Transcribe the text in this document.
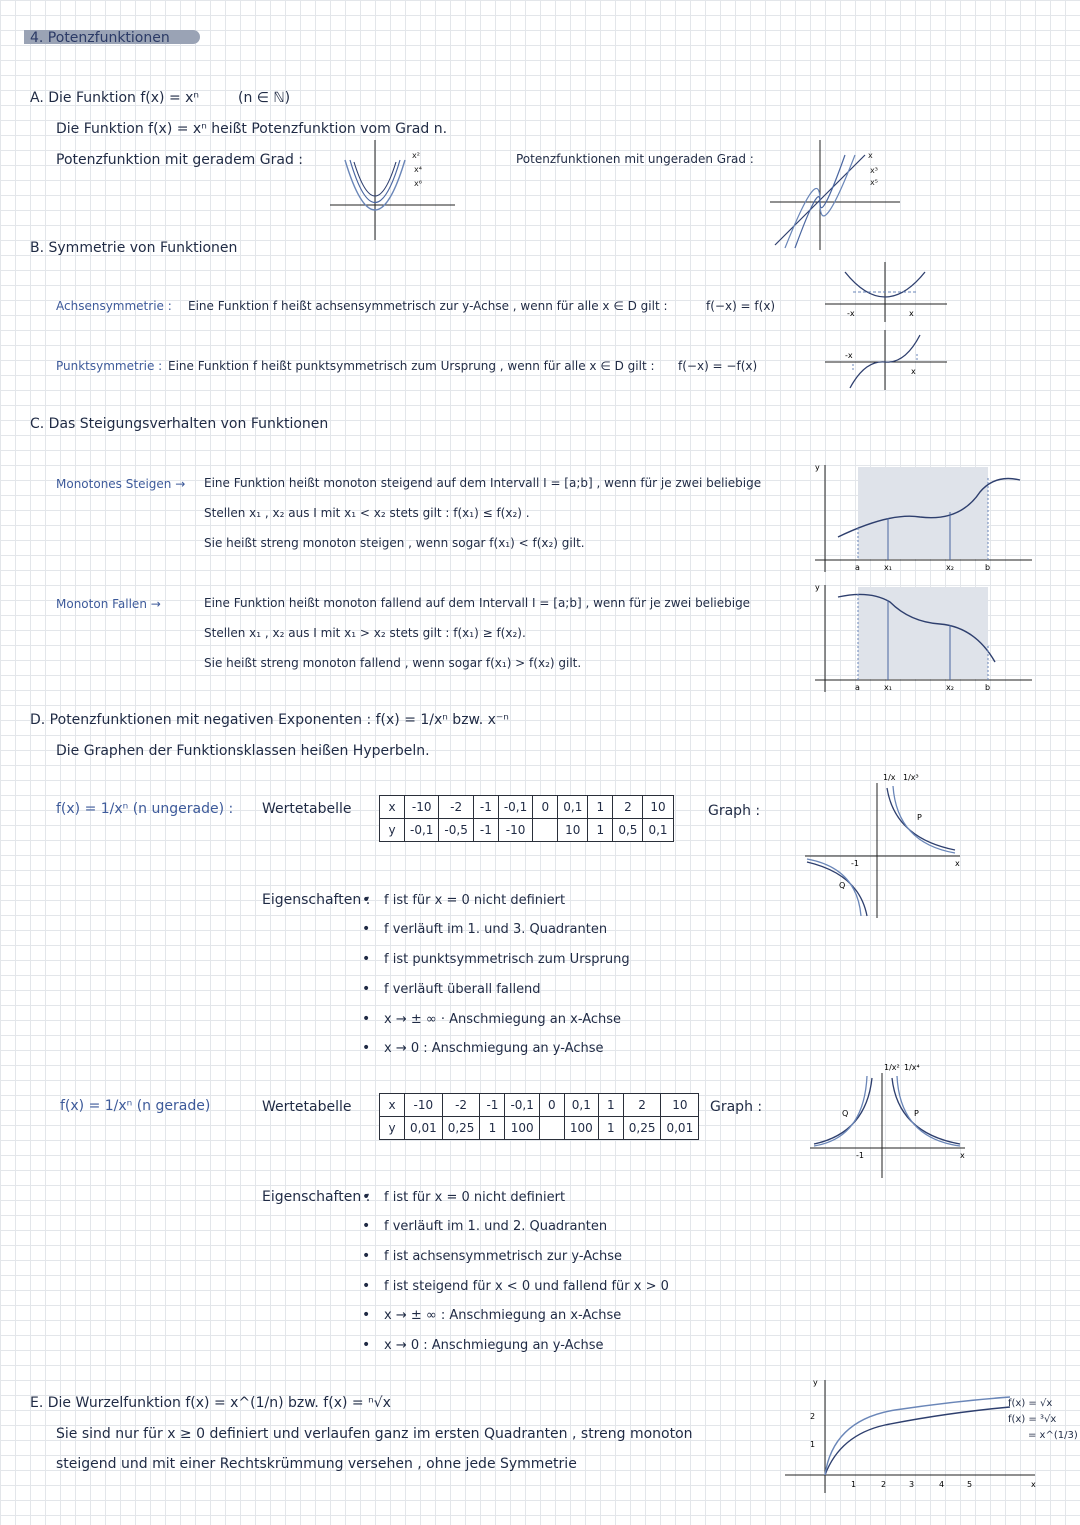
4. Potenzfunktionen
A. Die Funktion f(x) = xⁿ	(n ∈ ℕ)
Die Funktion f(x) = xⁿ heißt Potenzfunktion vom Grad n.
Potenzfunktion mit geradem Grad :	Potenzfunktionen mit ungeraden Grad :
x²
x⁴
x⁶
x
x³
x⁵
B. Symmetrie von Funktionen
Achsensymmetrie : Eine Funktion f heißt achsensymmetrisch zur y-Achse , wenn für alle x ∈ D gilt :	f(−x) = f(x)
Punktsymmetrie : Eine Funktion f heißt punktsymmetrisch zum Ursprung , wenn für alle x ∈ D gilt : f(−x) = −f(x)
-x	x
-x
x
C. Das Steigungsverhalten von Funktionen
Monotones Steigen → Eine Funktion heißt monoton steigend auf dem Intervall I = [a;b] , wenn für je zwei beliebige
Stellen x₁ , x₂ aus I mit x₁ < x₂ stets gilt : f(x₁) ≤ f(x₂) .
Sie heißt streng monoton steigen , wenn sogar f(x₁) < f(x₂) gilt.
Monoton Fallen →	Eine Funktion heißt monoton fallend auf dem Intervall I = [a;b] , wenn für je zwei beliebige
Stellen x₁ , x₂ aus I mit x₁ > x₂ stets gilt : f(x₁) ≥ f(x₂).
Sie heißt streng monoton fallend , wenn sogar f(x₁) > f(x₂) gilt.
y
a	x₁	x₂	b
y
a	x₁	x₂	b
D. Potenzfunktionen mit negativen Exponenten : f(x) = 1/xⁿ bzw. x⁻ⁿ
Die Graphen der Funktionsklassen heißen Hyperbeln.
f(x) = 1/xⁿ (n ungerade) : Wertetabelle	Graph :
x	-10	-2	-1	-0,1	0	0,1	1	2	10
y	-0,1	-0,5	-1	-10		10	1	0,5	0,1
Eigenschaften : • f ist für x = 0 nicht definiert
• f verläuft im 1. und 3. Quadranten
• f ist punktsymmetrisch zum Ursprung
• f verläuft überall fallend
• x → ± ∞ · Anschmiegung an x-Achse
• x → 0 : Anschmiegung an y-Achse
1/x 1/x³
P
Q
-1	x
f(x) = 1/xⁿ (n gerade)	Wertetabelle	Graph :
x	-10	-2	-1	-0,1	0	0,1	1	2	10
y	0,01	0,25	1	100		100	1	0,25	0,01
Eigenschaften : • f ist für x = 0 nicht definiert
• f verläuft im 1. und 2. Quadranten
• f ist achsensymmetrisch zur y-Achse
• f ist steigend für x < 0 und fallend für x > 0
• x → ± ∞ : Anschmiegung an x-Achse
• x → 0 : Anschmiegung an y-Achse
1/x² 1/x⁴
P
Q
-1	x
E. Die Wurzelfunktion f(x) = x^(1/n) bzw. f(x) = ⁿ√x
Sie sind nur für x ≥ 0 definiert und verlaufen ganz im ersten Quadranten , streng monoton
steigend und mit einer Rechtskrümmung versehen , ohne jede Symmetrie
2
1
1	2	3	4	5	x
y
f(x) = √x
f(x) = ³√x
= x^(1/3)
